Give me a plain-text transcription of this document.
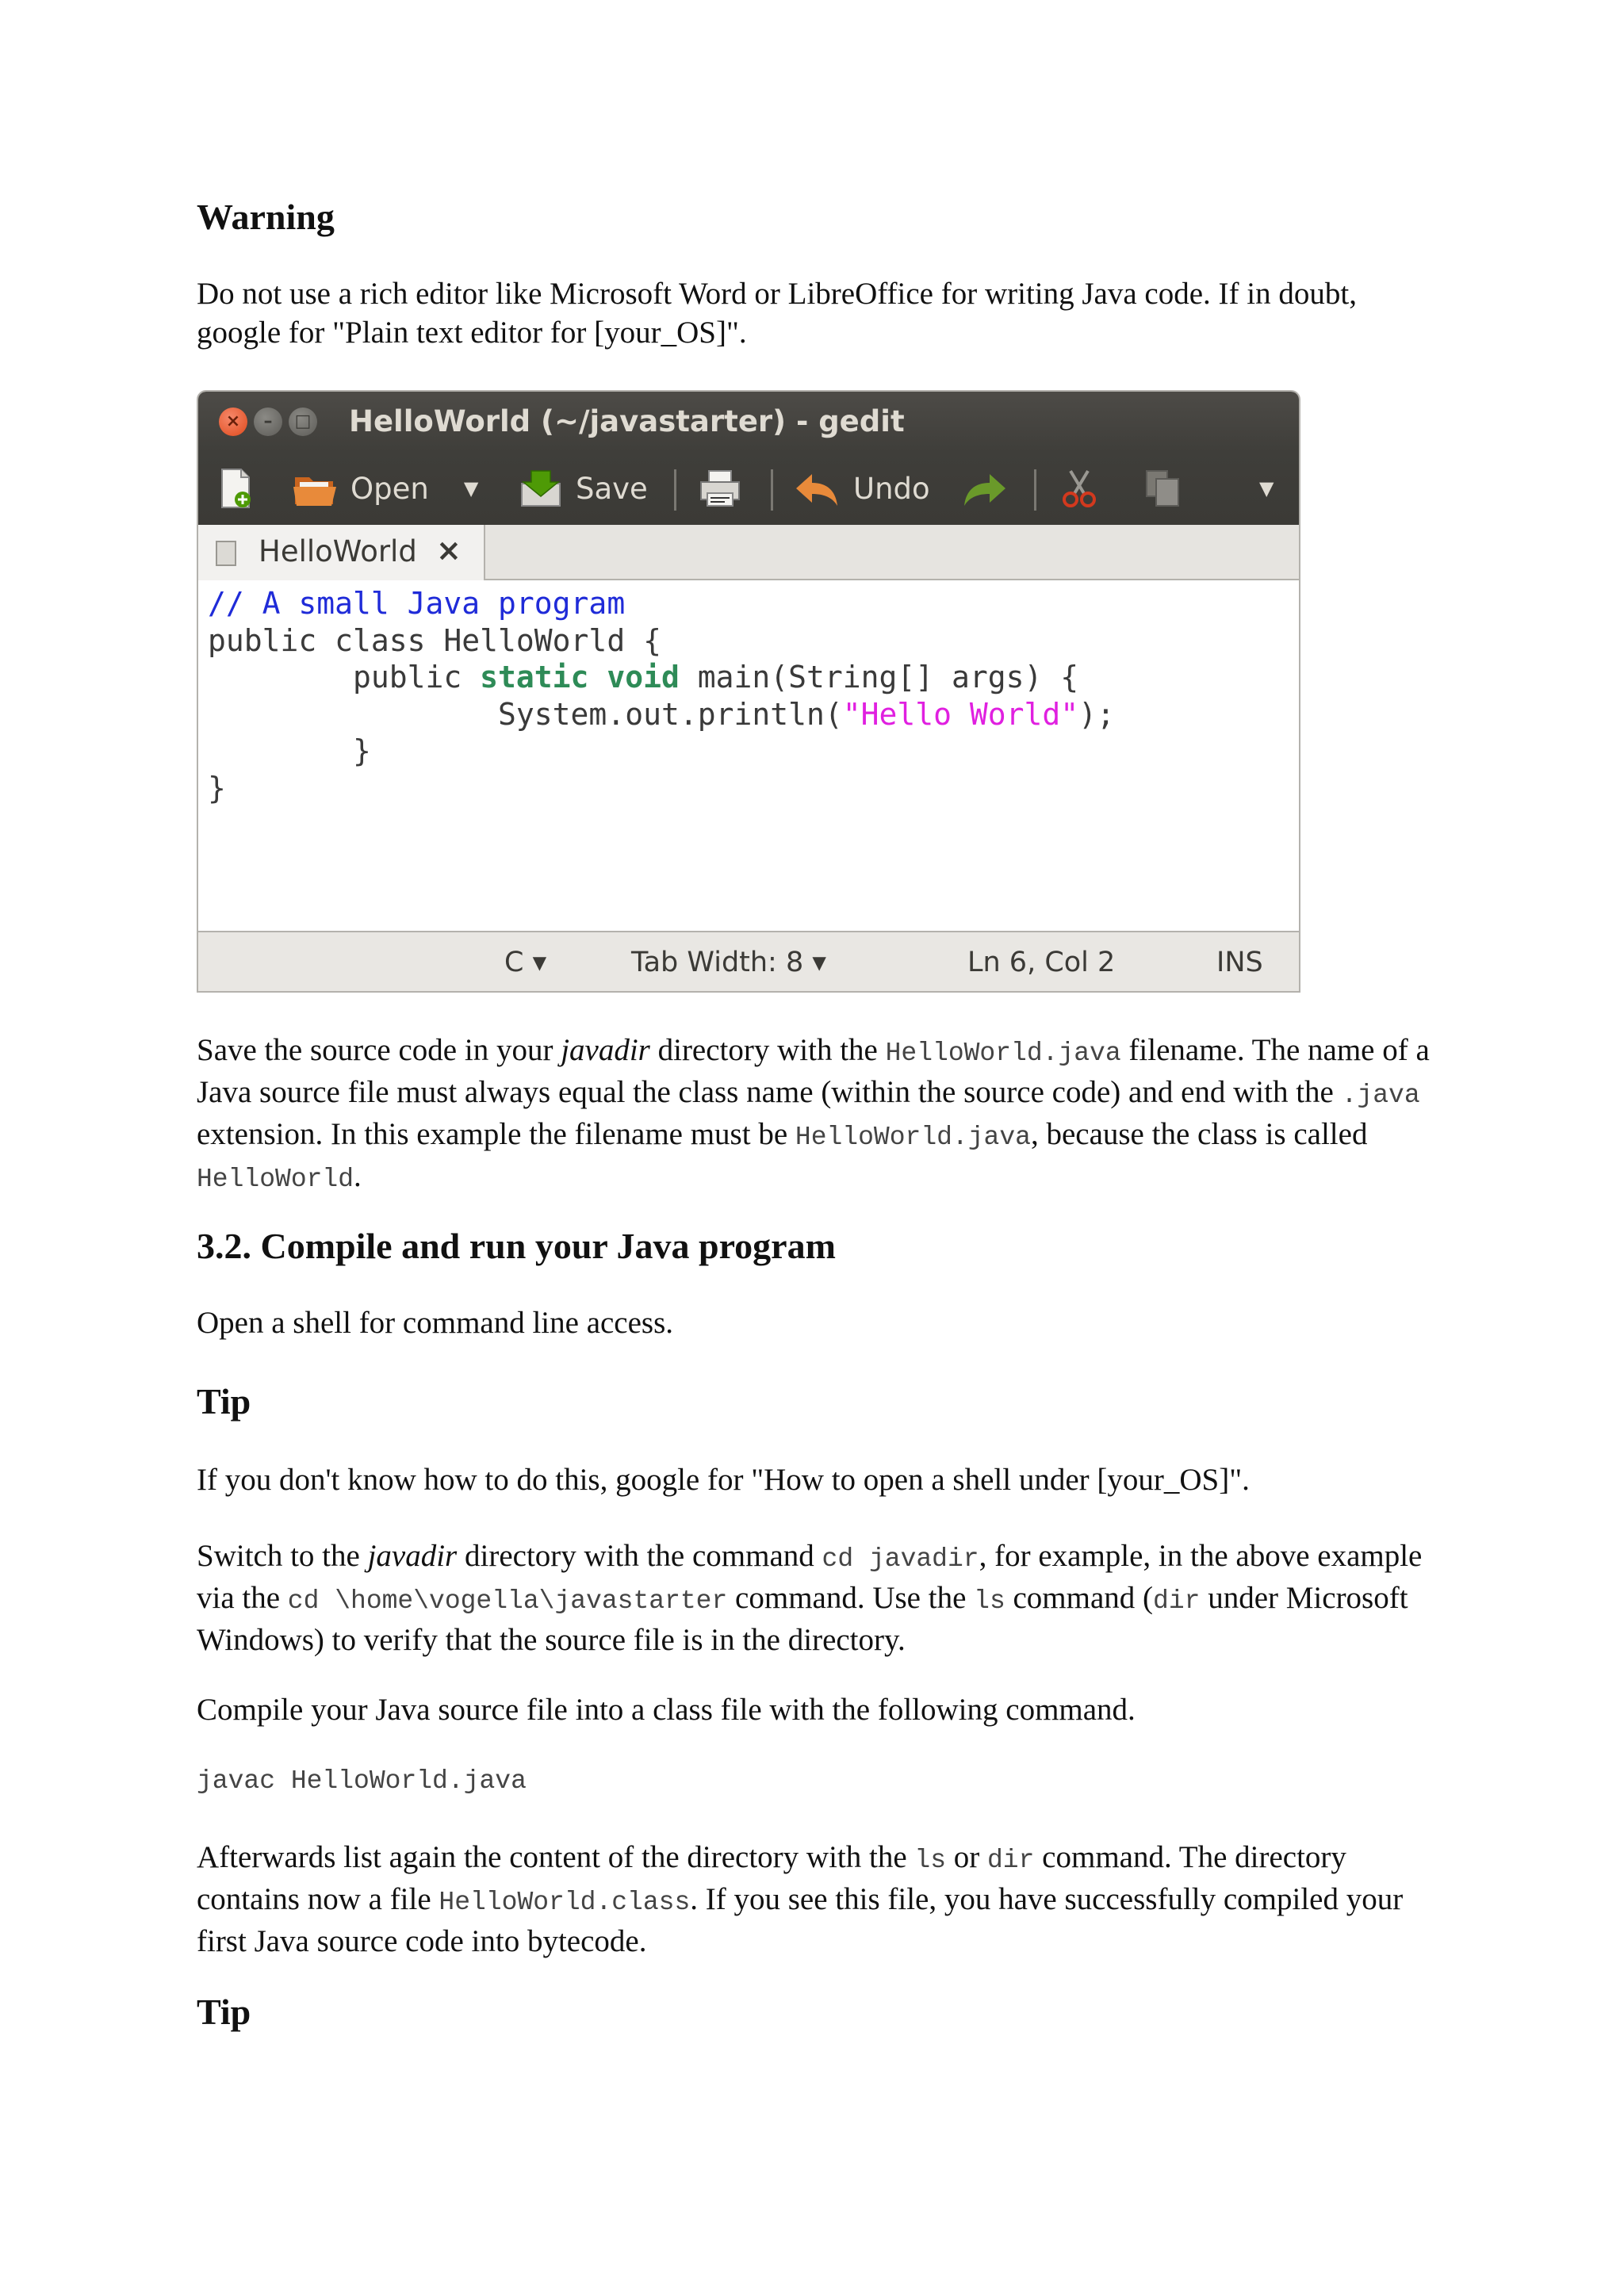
Warning

Do not use a rich editor like Microsoft Word or LibreOffice for writing Java code. If in doubt, google for "Plain text editor for [your_OS]".

×	–	□ HelloWorld (~/javastarter) - gedit
Open ▼	Save	Undo	▼
HelloWorld ×
// A small Java program
public class HelloWorld {
public static void main(String[] args) {
System.out.println("Hello World");
}
}
C ▾	Tab Width: 8 ▾	Ln 6, Col 2	INS

Save the source code in your javadir directory with the HelloWorld.java filename. The name of a Java source file must always equal the class name (within the source code) and end with the .java extension. In this example the filename must be HelloWorld.java, because the class is called HelloWorld.

3.2. Compile and run your Java program

Open a shell for command line access.

Tip

If you don't know how to do this, google for "How to open a shell under [your_OS]".

Switch to the javadir directory with the command cd javadir, for example, in the above example via the cd \home\vogella\javastarter command. Use the ls command (dir under Microsoft Windows) to verify that the source file is in the directory.

Compile your Java source file into a class file with the following command.

javac HelloWorld.java

Afterwards list again the content of the directory with the ls or dir command. The directory contains now a file HelloWorld.class. If you see this file, you have successfully compiled your first Java source code into bytecode.

Tip
